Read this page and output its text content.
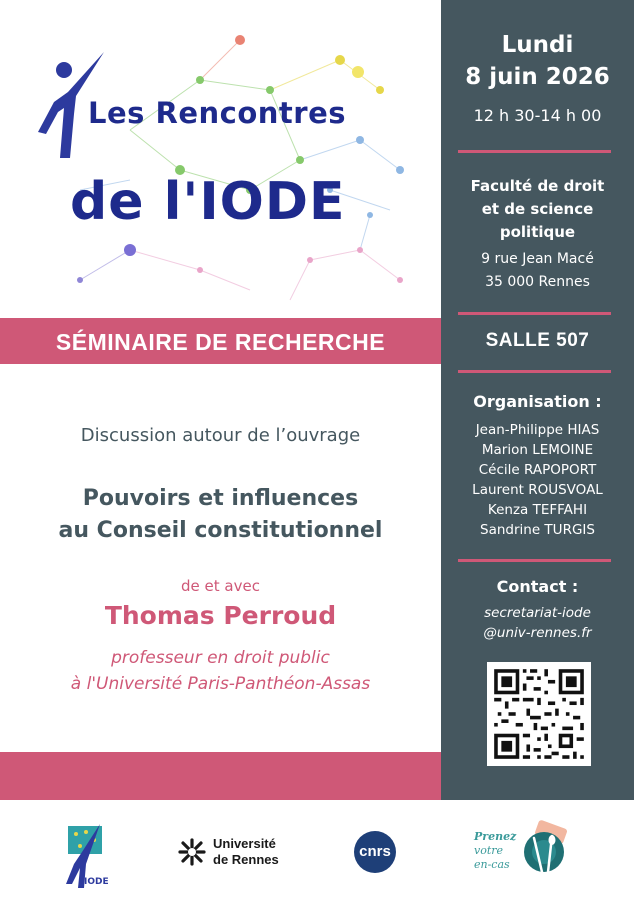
Les Rencontres
de l'IODE
SÉMINAIRE DE RECHERCHE
Discussion autour de l’ouvrage
Pouvoirs et influences
au Conseil constitutionnel
de et avec
Thomas Perroud
professeur en droit public
à l'Université Paris-Panthéon-Assas
Lundi
8 juin 2026
12 h 30-14 h 00
Faculté de droit
et de science
politique
9 rue Jean Macé
35 000 Rennes
SALLE 507
Organisation :
Jean-Philippe HIAS
Marion LEMOINE
Cécile RAPOPORT
Laurent ROUSVOAL
Kenza TEFFAHI
Sandrine TURGIS
Contact :
secretariat-iode
@univ-rennes.fr
IODE
Université
de Rennes	cnrs
Prenez
votre
en-cas
